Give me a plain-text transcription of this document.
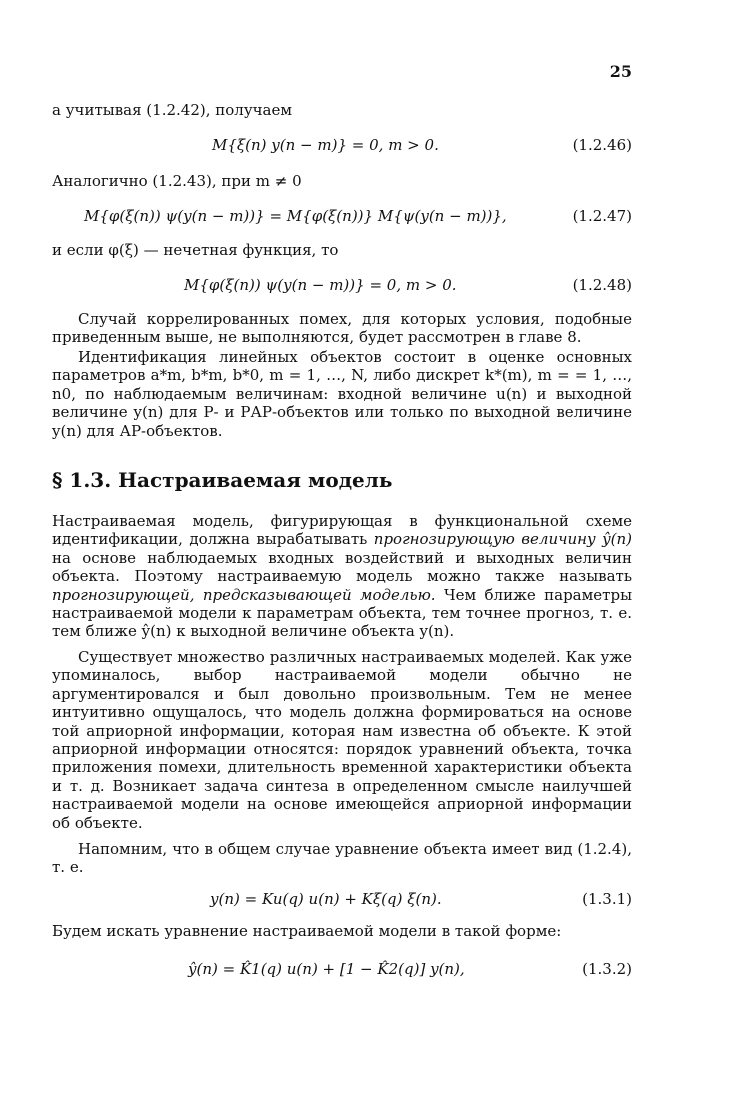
25
а учитывая (1.2.42), получаем
M{ξ(n) y(n − m)} = 0, m > 0.	(1.2.46)
Аналогично (1.2.43), при m ≠ 0
M{φ(ξ(n)) ψ(y(n − m))} = M{φ(ξ(n))} M{ψ(y(n − m))},	(1.2.47)
и если φ(ξ) — нечетная функция, то
M{φ(ξ(n)) ψ(y(n − m))} = 0, m > 0.	(1.2.48)
Случай коррелированных помех, для которых условия, подобные приведенным выше, не выполняются, будет рассмотрен в главе 8.
Идентификация линейных объектов состоит в оценке основных параметров a*m, b*m, b*0, m = 1, …, N, либо дискрет k*(m), m = = 1, …, n0, по наблюдаемым величинам: входной величине u(n) и выходной величине y(n) для Р- и РАР-объектов или только по выходной величине y(n) для АР-объектов.
§ 1.3. Настраиваемая модель
Настраиваемая модель, фигурирующая в функциональной схеме идентификации, должна вырабатывать прогнозирующую величину ŷ(n) на основе наблюдаемых входных воздействий и выходных величин объекта. Поэтому настраиваемую модель можно также называть прогнозирующей, предсказывающей моделью. Чем ближе параметры настраиваемой модели к параметрам объекта, тем точнее прогноз, т. е. тем ближе ŷ(n) к выходной величине объекта y(n).
Существует множество различных настраиваемых моделей. Как уже упоминалось, выбор настраиваемой модели обычно не аргументировался и был довольно произвольным. Тем не менее интуитивно ощущалось, что модель должна формироваться на основе той априорной информации, которая нам известна об объекте. К этой априорной информации относятся: порядок уравнений объекта, точка приложения помехи, длительность временной характеристики объекта и т. д. Возникает задача синтеза в определенном смысле наилучшей настраиваемой модели на основе имеющейся априорной информации об объекте.
Напомним, что в общем случае уравнение объекта имеет вид (1.2.4), т. е.
y(n) = Ku(q) u(n) + Kξ(q) ξ(n).	(1.3.1)
Будем искать уравнение настраиваемой модели в такой форме:
ŷ(n) = K̂1(q) u(n) + [1 − K̂2(q)] y(n),	(1.3.2)
